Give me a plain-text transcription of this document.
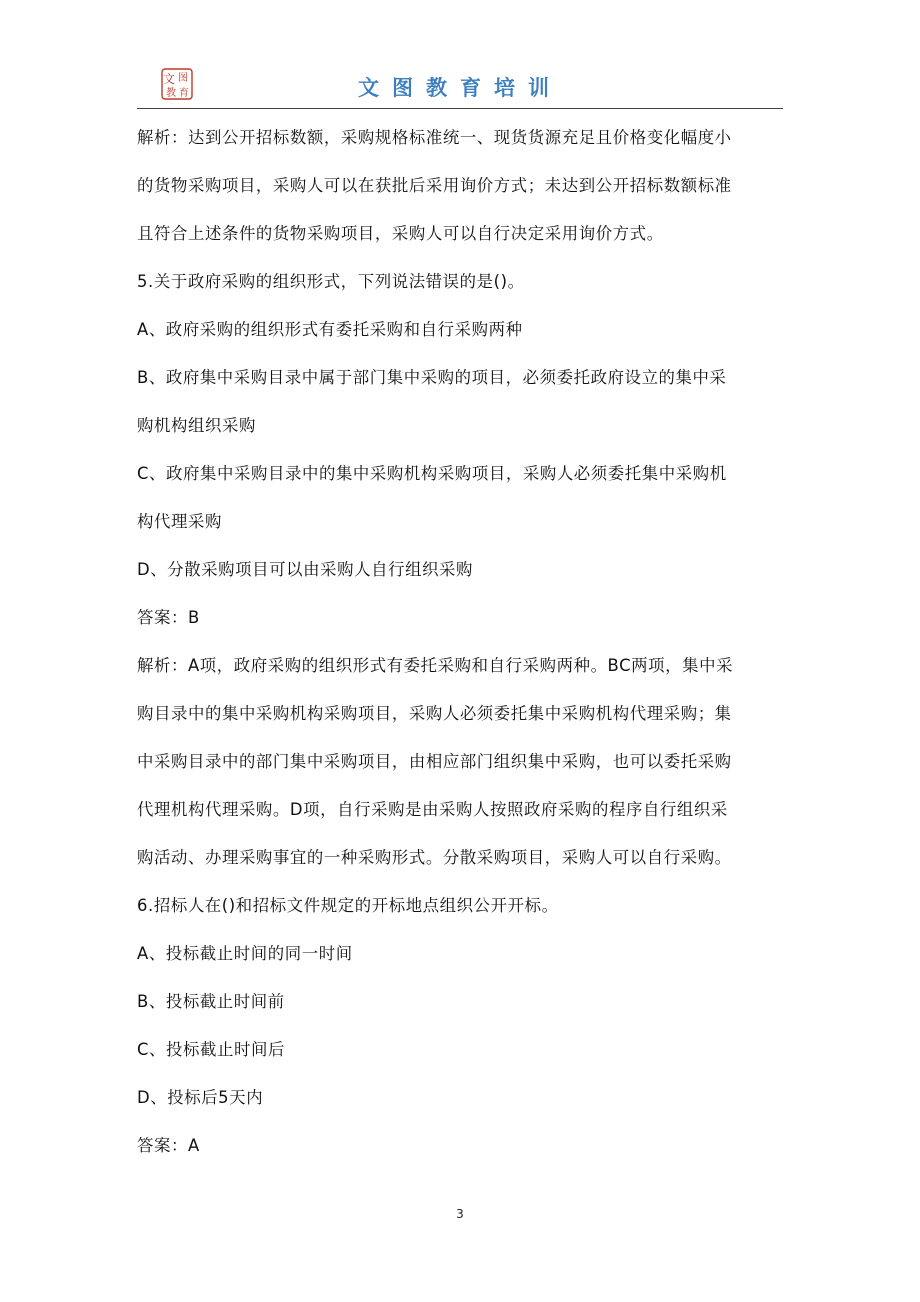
文 图
教 育	文图教育培训
解析：达到公开招标数额，采购规格标准统一、现货货源充足且价格变化幅度小
的货物采购项目，采购人可以在获批后采用询价方式；未达到公开招标数额标准
且符合上述条件的货物采购项目，采购人可以自行决定采用询价方式。
5.关于政府采购的组织形式，下列说法错误的是()。
A、政府采购的组织形式有委托采购和自行采购两种
B、政府集中采购目录中属于部门集中采购的项目，必须委托政府设立的集中采
购机构组织采购
C、政府集中采购目录中的集中采购机构采购项目，采购人必须委托集中采购机
构代理采购
D、分散采购项目可以由采购人自行组织采购
答案：B
解析：A项，政府采购的组织形式有委托采购和自行采购两种。BC两项，集中采
购目录中的集中采购机构采购项目，采购人必须委托集中采购机构代理采购；集
中采购目录中的部门集中采购项目，由相应部门组织集中采购，也可以委托采购
代理机构代理采购。D项，自行采购是由采购人按照政府采购的程序自行组织采
购活动、办理采购事宜的一种采购形式。分散采购项目，采购人可以自行采购。
6.招标人在()和招标文件规定的开标地点组织公开开标。
A、投标截止时间的同一时间
B、投标截止时间前
C、投标截止时间后
D、投标后5天内
答案：A
3
